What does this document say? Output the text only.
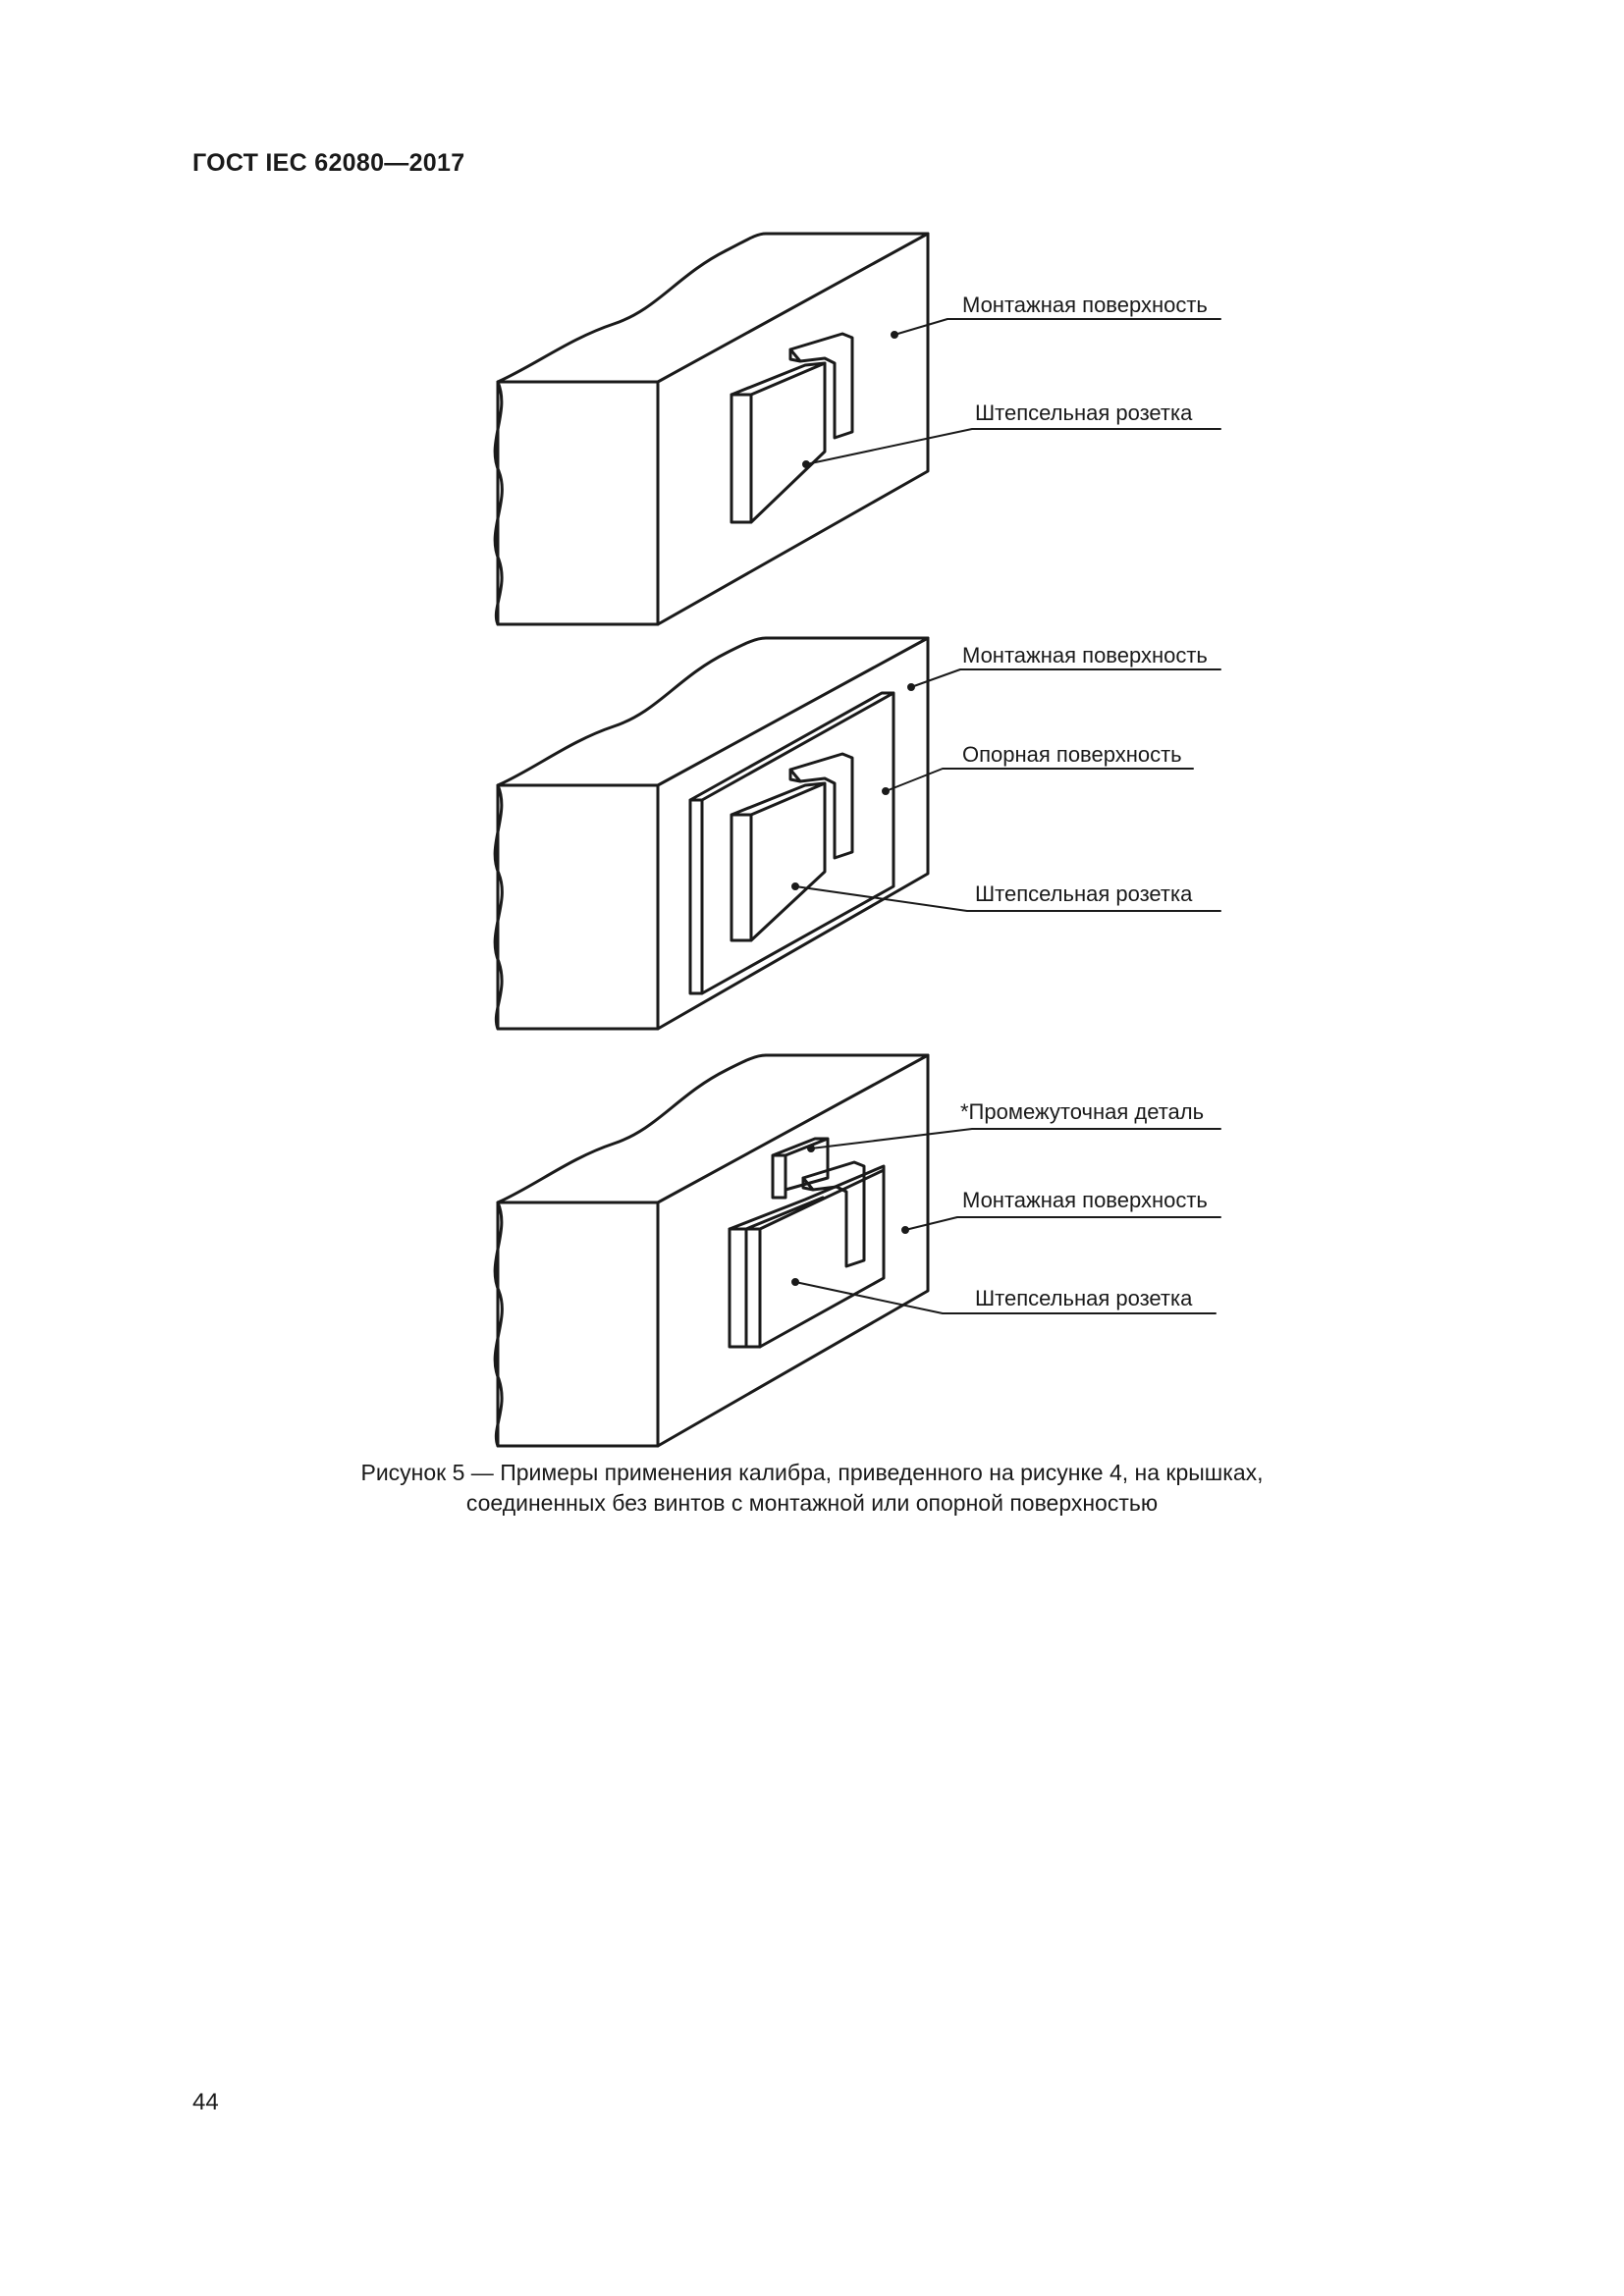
ГОСТ IEC 62080—2017
Монтажная поверхность
Штепсельная розетка
Монтажная поверхность
Опорная поверхность
Штепсельная розетка
*Промежуточная деталь
Монтажная поверхность
Штепсельная розетка
Рисунок 5 — Примеры применения калибра, приведенного на рисунке 4, на крышках,
соединенных без винтов с монтажной или опорной поверхностью
44
